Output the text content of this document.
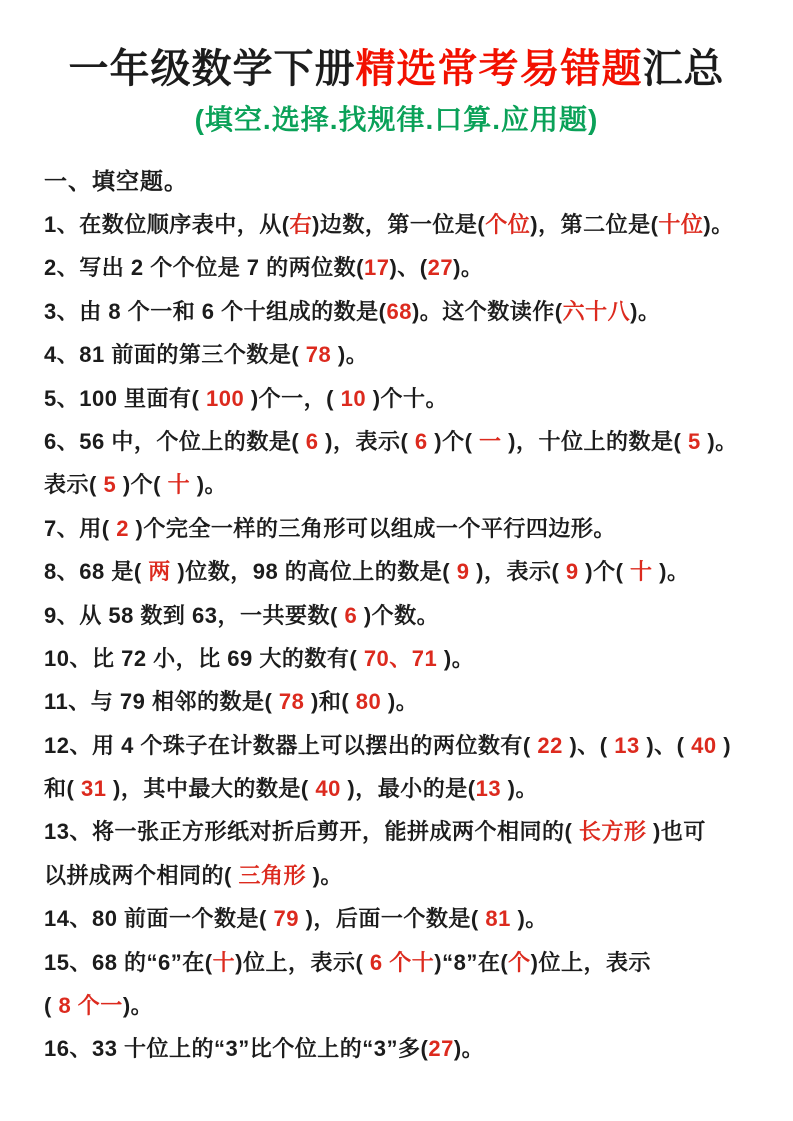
一年级数学下册精选常考易错题汇总
(填空.选择.找规律.口算.应用题)
一、填空题。
1、在数位顺序表中，从(右)边数，第一位是(个位)，第二位是(十位)。
2、写出 2 个个位是 7 的两位数(17)、(27)。
3、由 8 个一和 6 个十组成的数是(68)。这个数读作(六十八)。
4、81 前面的第三个数是( 78 )。
5、100 里面有( 100 )个一，( 10 )个十。
6、56 中，个位上的数是( 6 )，表示( 6 )个( 一 )，十位上的数是( 5 )。
表示( 5 )个( 十 )。
7、用( 2 )个完全一样的三角形可以组成一个平行四边形。
8、68 是( 两 )位数，98 的高位上的数是( 9 )，表示( 9 )个( 十 )。
9、从 58 数到 63，一共要数( 6 )个数。
10、比 72 小，比 69 大的数有( 70、71 )。
11、与 79 相邻的数是( 78 )和( 80 )。
12、用 4 个珠子在计数器上可以摆出的两位数有( 22 )、( 13 )、( 40 )
和( 31 )，其中最大的数是( 40 )，最小的是(13 )。
13、将一张正方形纸对折后剪开，能拼成两个相同的( 长方形 )也可
以拼成两个相同的( 三角形 )。
14、80 前面一个数是( 79 )，后面一个数是( 81 )。
15、68 的“6”在(十)位上，表示( 6 个十)“8”在(个)位上，表示
( 8 个一)。
16、33 十位上的“3”比个位上的“3”多(27)。
